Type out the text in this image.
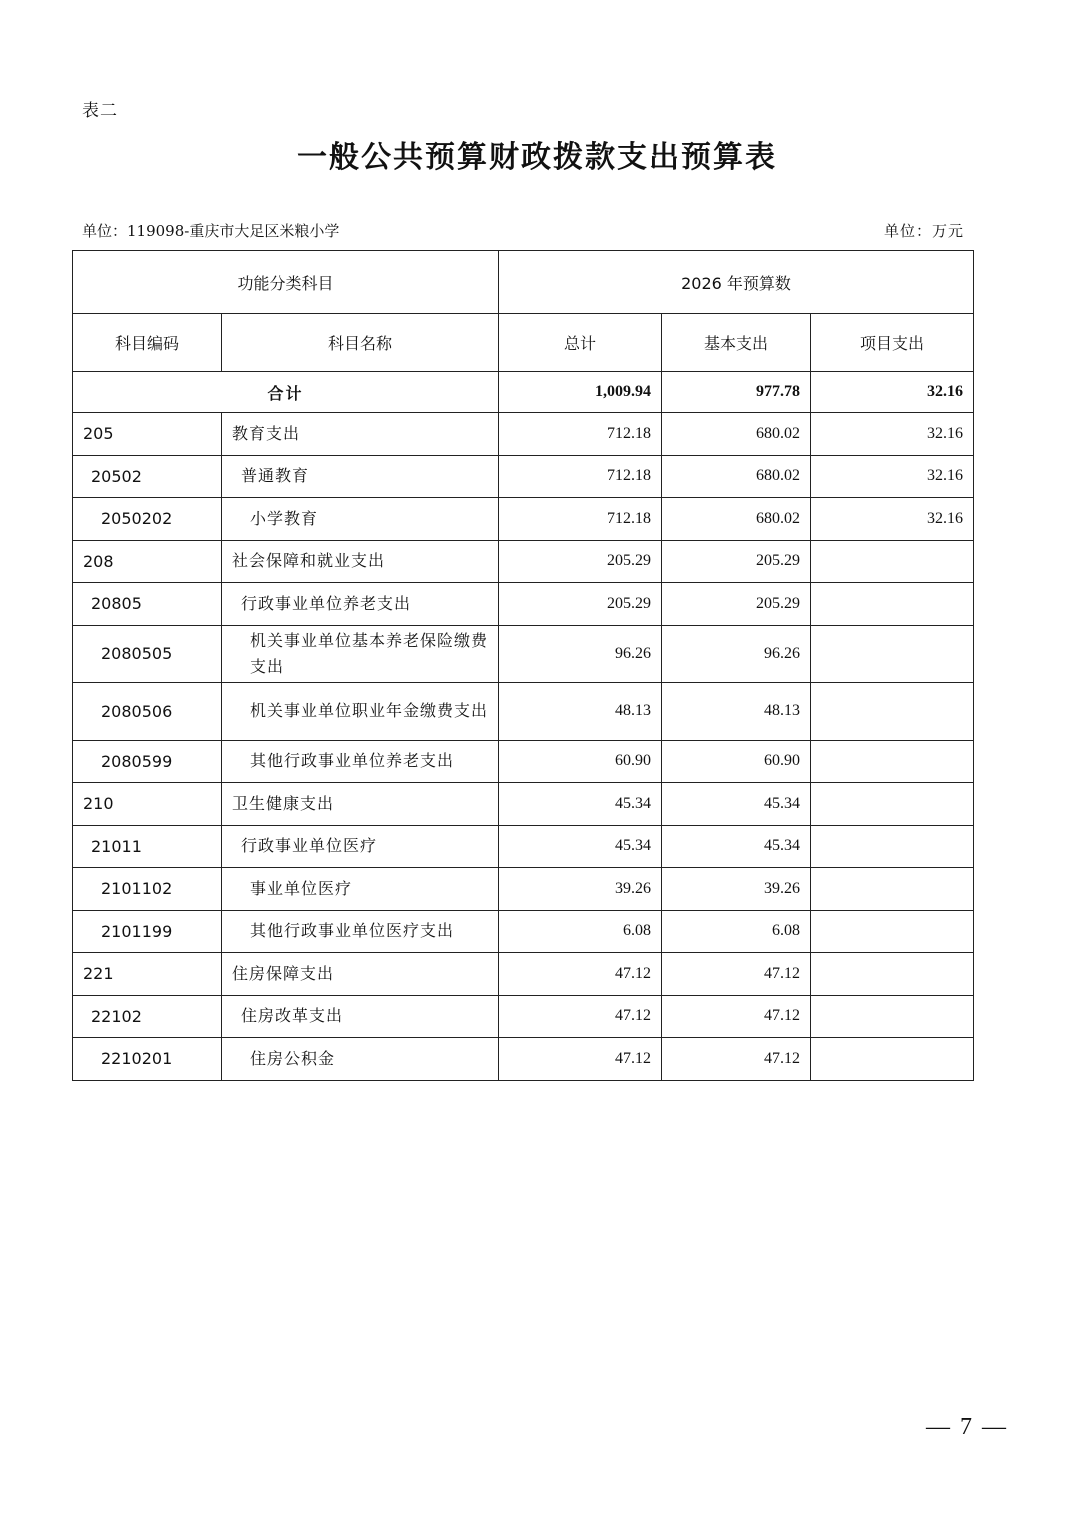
表二
一般公共预算财政拨款支出预算表
单位：119098-重庆市大足区米粮小学	单位：万元
功能分类科目		2026 年预算数		
科目编码	科目名称	总计	基本支出	项目支出
合计		1,009.94	977.78	32.16
205	教育支出	712.18	680.02	32.16
20502	普通教育	712.18	680.02	32.16
2050202	小学教育	712.18	680.02	32.16
208	社会保障和就业支出	205.29	205.29	
20805	行政事业单位养老支出	205.29	205.29	
2080505	机关事业单位基本养老保险缴费支出	96.26	96.26	
2080506	机关事业单位职业年金缴费支出	48.13	48.13	
2080599	其他行政事业单位养老支出	60.90	60.90	
210	卫生健康支出	45.34	45.34	
21011	行政事业单位医疗	45.34	45.34	
2101102	事业单位医疗	39.26	39.26	
2101199	其他行政事业单位医疗支出	6.08	6.08	
221	住房保障支出	47.12	47.12	
22102	住房改革支出	47.12	47.12	
2210201	住房公积金	47.12	47.12	
— 7 —
